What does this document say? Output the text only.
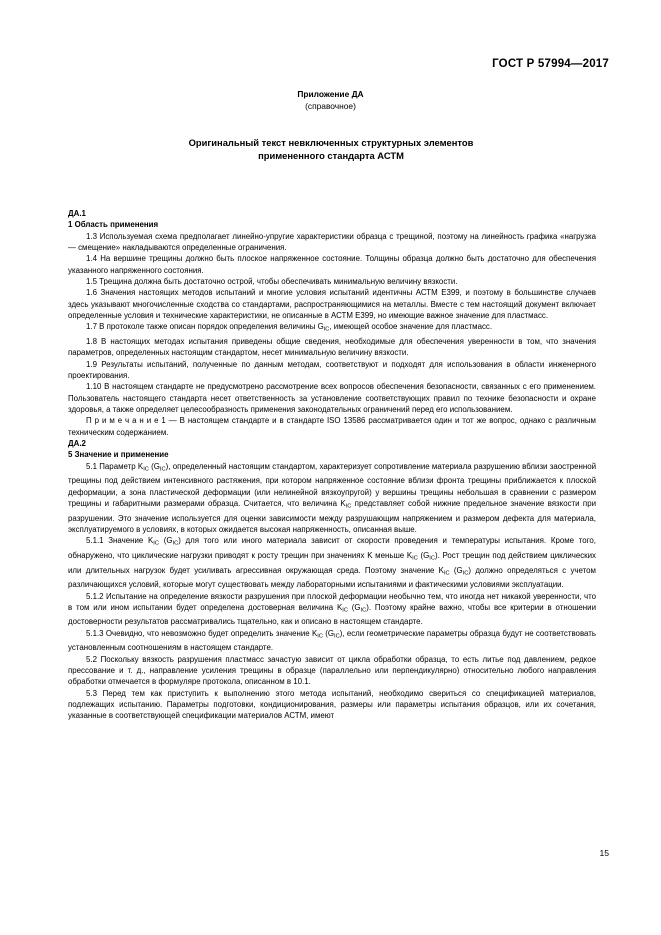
ГОСТ Р 57994—2017
Приложение ДА
(справочное)
Оригинальный текст невключенных структурных элементов
примененного стандарта АСТМ

ДА.1

1 Область применения

1.3 Используемая схема предполагает линейно-упругие характеристики образца с трещиной, поэтому на линейность графика «нагрузка — смещение» накладываются определенные ограничения.

1.4 На вершине трещины должно быть плоское напряженное состояние. Толщины образца должно быть достаточно для обеспечения указанного напряженного состояния.

1.5 Трещина должна быть достаточно острой, чтобы обеспечивать минимальную величину вязкости.

1.6 Значения настоящих методов испытаний и многие условия испытаний идентичны АСТМ E399, и поэтому в большинстве случаев здесь указывают многочисленные сходства со стандартами, распространяющимися на металлы. Вместе с тем настоящий документ включает определенные условия и технические характеристики, не описанные в АСТМ E399, но имеющие важное значение для пластмасс.

1.7 В протоколе также описан порядок определения величины $G_{IC}$, имеющей особое значение для пластмасс.

1.8 В настоящих методах испытания приведены общие сведения, необходимые для обеспечения уверенности в том, что значения параметров, определенных настоящим стандартом, несет минимальную величину вязкости.

1.9 Результаты испытаний, полученные по данным методам, соответствуют и подходят для использования в области инженерного проектирования.

1.10 В настоящем стандарте не предусмотрено рассмотрение всех вопросов обеспечения безопасности, связанных с его применением. Пользователь настоящего стандарта несет ответственность за установление соответствующих правил по технике безопасности и охране здоровья, а также определяет целесообразность применения законодательных ограничений перед его использованием.

П р и м е ч а н и е 1 — В настоящем стандарте и в стандарте ISO 13586 рассматривается один и тот же вопрос, однако с различным техническим содержанием.

ДА.2

5 Значение и применение

5.1 Параметр $K_{IC}$ $(G_{IC})$, определенный настоящим стандартом, характеризует сопротивление материала разрушению вблизи заостренной трещины под действием интенсивного растяжения, при котором напряженное состояние вблизи фронта трещины приближается к плоской деформации, а зона пластической деформации (или нелинейной вязкоупругой) у вершины трещины небольшая в сравнении с размером трещины и габаритными размерами образца. Считается, что величина $K_{IC}$ представляет собой нижние предельное значение вязкости при разрушении. Это значение используется для оценки зависимости между разрушающим напряжением и размером дефекта для материала, эксплуатируемого в условиях, в которых ожидается высокая напряженность, описанная выше.

5.1.1 Значение $K_{IC}$ $(G_{IC})$ для того или иного материала зависит от скорости проведения и температуры испытания. Кроме того, обнаружено, что циклические нагрузки приводят к росту трещин при значениях K меньше $K_{IC}$ $(G_{IC})$. Рост трещин под действием циклических или длительных нагрузок будет усиливать агрессивная окружающая среда. Поэтому значение $K_{IC}$ $(G_{IC})$ должно определяться с учетом различающихся условий, которые могут существовать между лабораторными испытаниями и фактическими условиями эксплуатации.

5.1.2 Испытание на определение вязкости разрушения при плоской деформации необычно тем, что иногда нет никакой уверенности, что в том или ином испытании будет определена достоверная величина $K_{IC}$ $(G_{IC})$. Поэтому крайне важно, чтобы все критерии в отношении достоверности результатов рассматривались тщательно, как и описано в настоящем стандарте.

5.1.3 Очевидно, что невозможно будет определить значение $K_{IC}$ $(G_{IC})$, если геометрические параметры образца будут не соответствовать установленным соотношениям в настоящем стандарте.

5.2 Поскольку вязкость разрушения пластмасс зачастую зависит от цикла обработки образца, то есть литье под давлением, редкое прессование и т. д., направление усиления трещины в образце (параллельно или перпендикулярно) относительно любого направления обработки отмечается в формуляре протокола, описанном в 10.1.

5.3 Перед тем как приступить к выполнению этого метода испытаний, необходимо свериться со спецификацией материалов, подлежащих испытанию. Параметры подготовки, кондиционирования, размеры или параметры испытания образцов, или их сочетания, указанные в соответствующей спецификации материалов АСТМ, имеют

15
